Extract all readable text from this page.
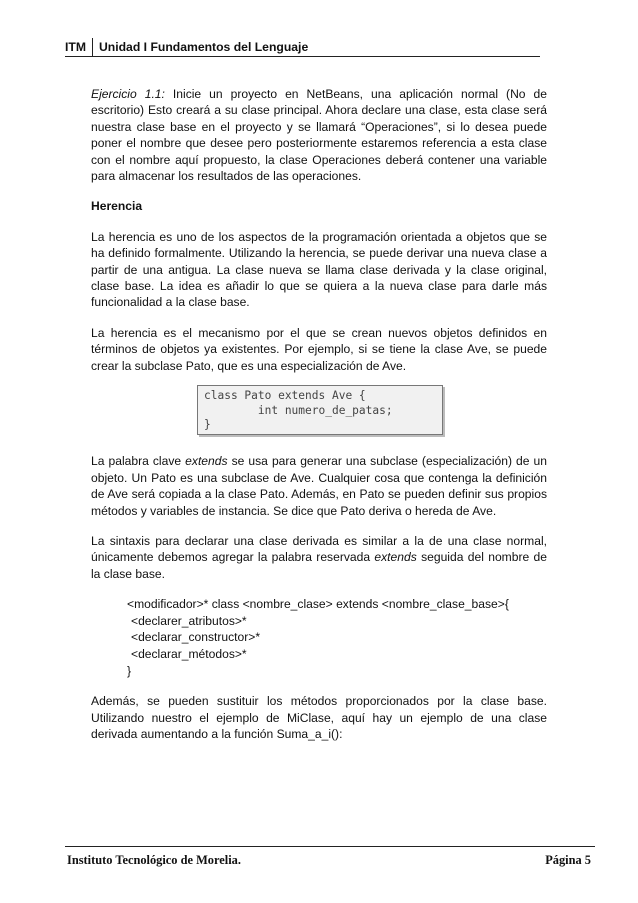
ITM Unidad I Fundamentos del Lenguaje

Ejercicio 1.1: Inicie un proyecto en NetBeans, una aplicación normal (No de escritorio) Esto creará a su clase principal. Ahora declare una clase, esta clase será nuestra clase base en el proyecto y se llamará “Operaciones”, si lo desea puede poner el nombre que desee pero posteriormente estaremos referencia a esta clase con el nombre aquí propuesto, la clase Operaciones deberá contener una variable para almacenar los resultados de las operaciones.

Herencia

La herencia es uno de los aspectos de la programación orientada a objetos que se ha definido formalmente. Utilizando la herencia, se puede derivar una nueva clase a partir de una antigua. La clase nueva se llama clase derivada y la clase original, clase base. La idea es añadir lo que se quiera a la nueva clase para darle más funcionalidad a la clase base.

La herencia es el mecanismo por el que se crean nuevos objetos definidos en términos de objetos ya existentes. Por ejemplo, si se tiene la clase Ave, se puede crear la subclase Pato, que es una especialización de Ave.

class Pato extends Ave {
int numero_de_patas;
}

La palabra clave extends se usa para generar una subclase (especialización) de un objeto. Un Pato es una subclase de Ave. Cualquier cosa que contenga la definición de Ave será copiada a la clase Pato. Además, en Pato se pueden definir sus propios métodos y variables de instancia. Se dice que Pato deriva o hereda de Ave.

La sintaxis para declarar una clase derivada es similar a la de una clase normal, únicamente debemos agregar la palabra reservada extends seguida del nombre de la clase base.

<modificador>* class <nombre_clase> extends <nombre_clase_base>{
<declarer_atributos>*
<declarar_constructor>*
<declarar_métodos>*
}

Además, se pueden sustituir los métodos proporcionados por la clase base. Utilizando nuestro el ejemplo de MiClase, aquí hay un ejemplo de una clase derivada aumentando a la función Suma_a_i():

Instituto Tecnológico de Morelia.	Página 5
